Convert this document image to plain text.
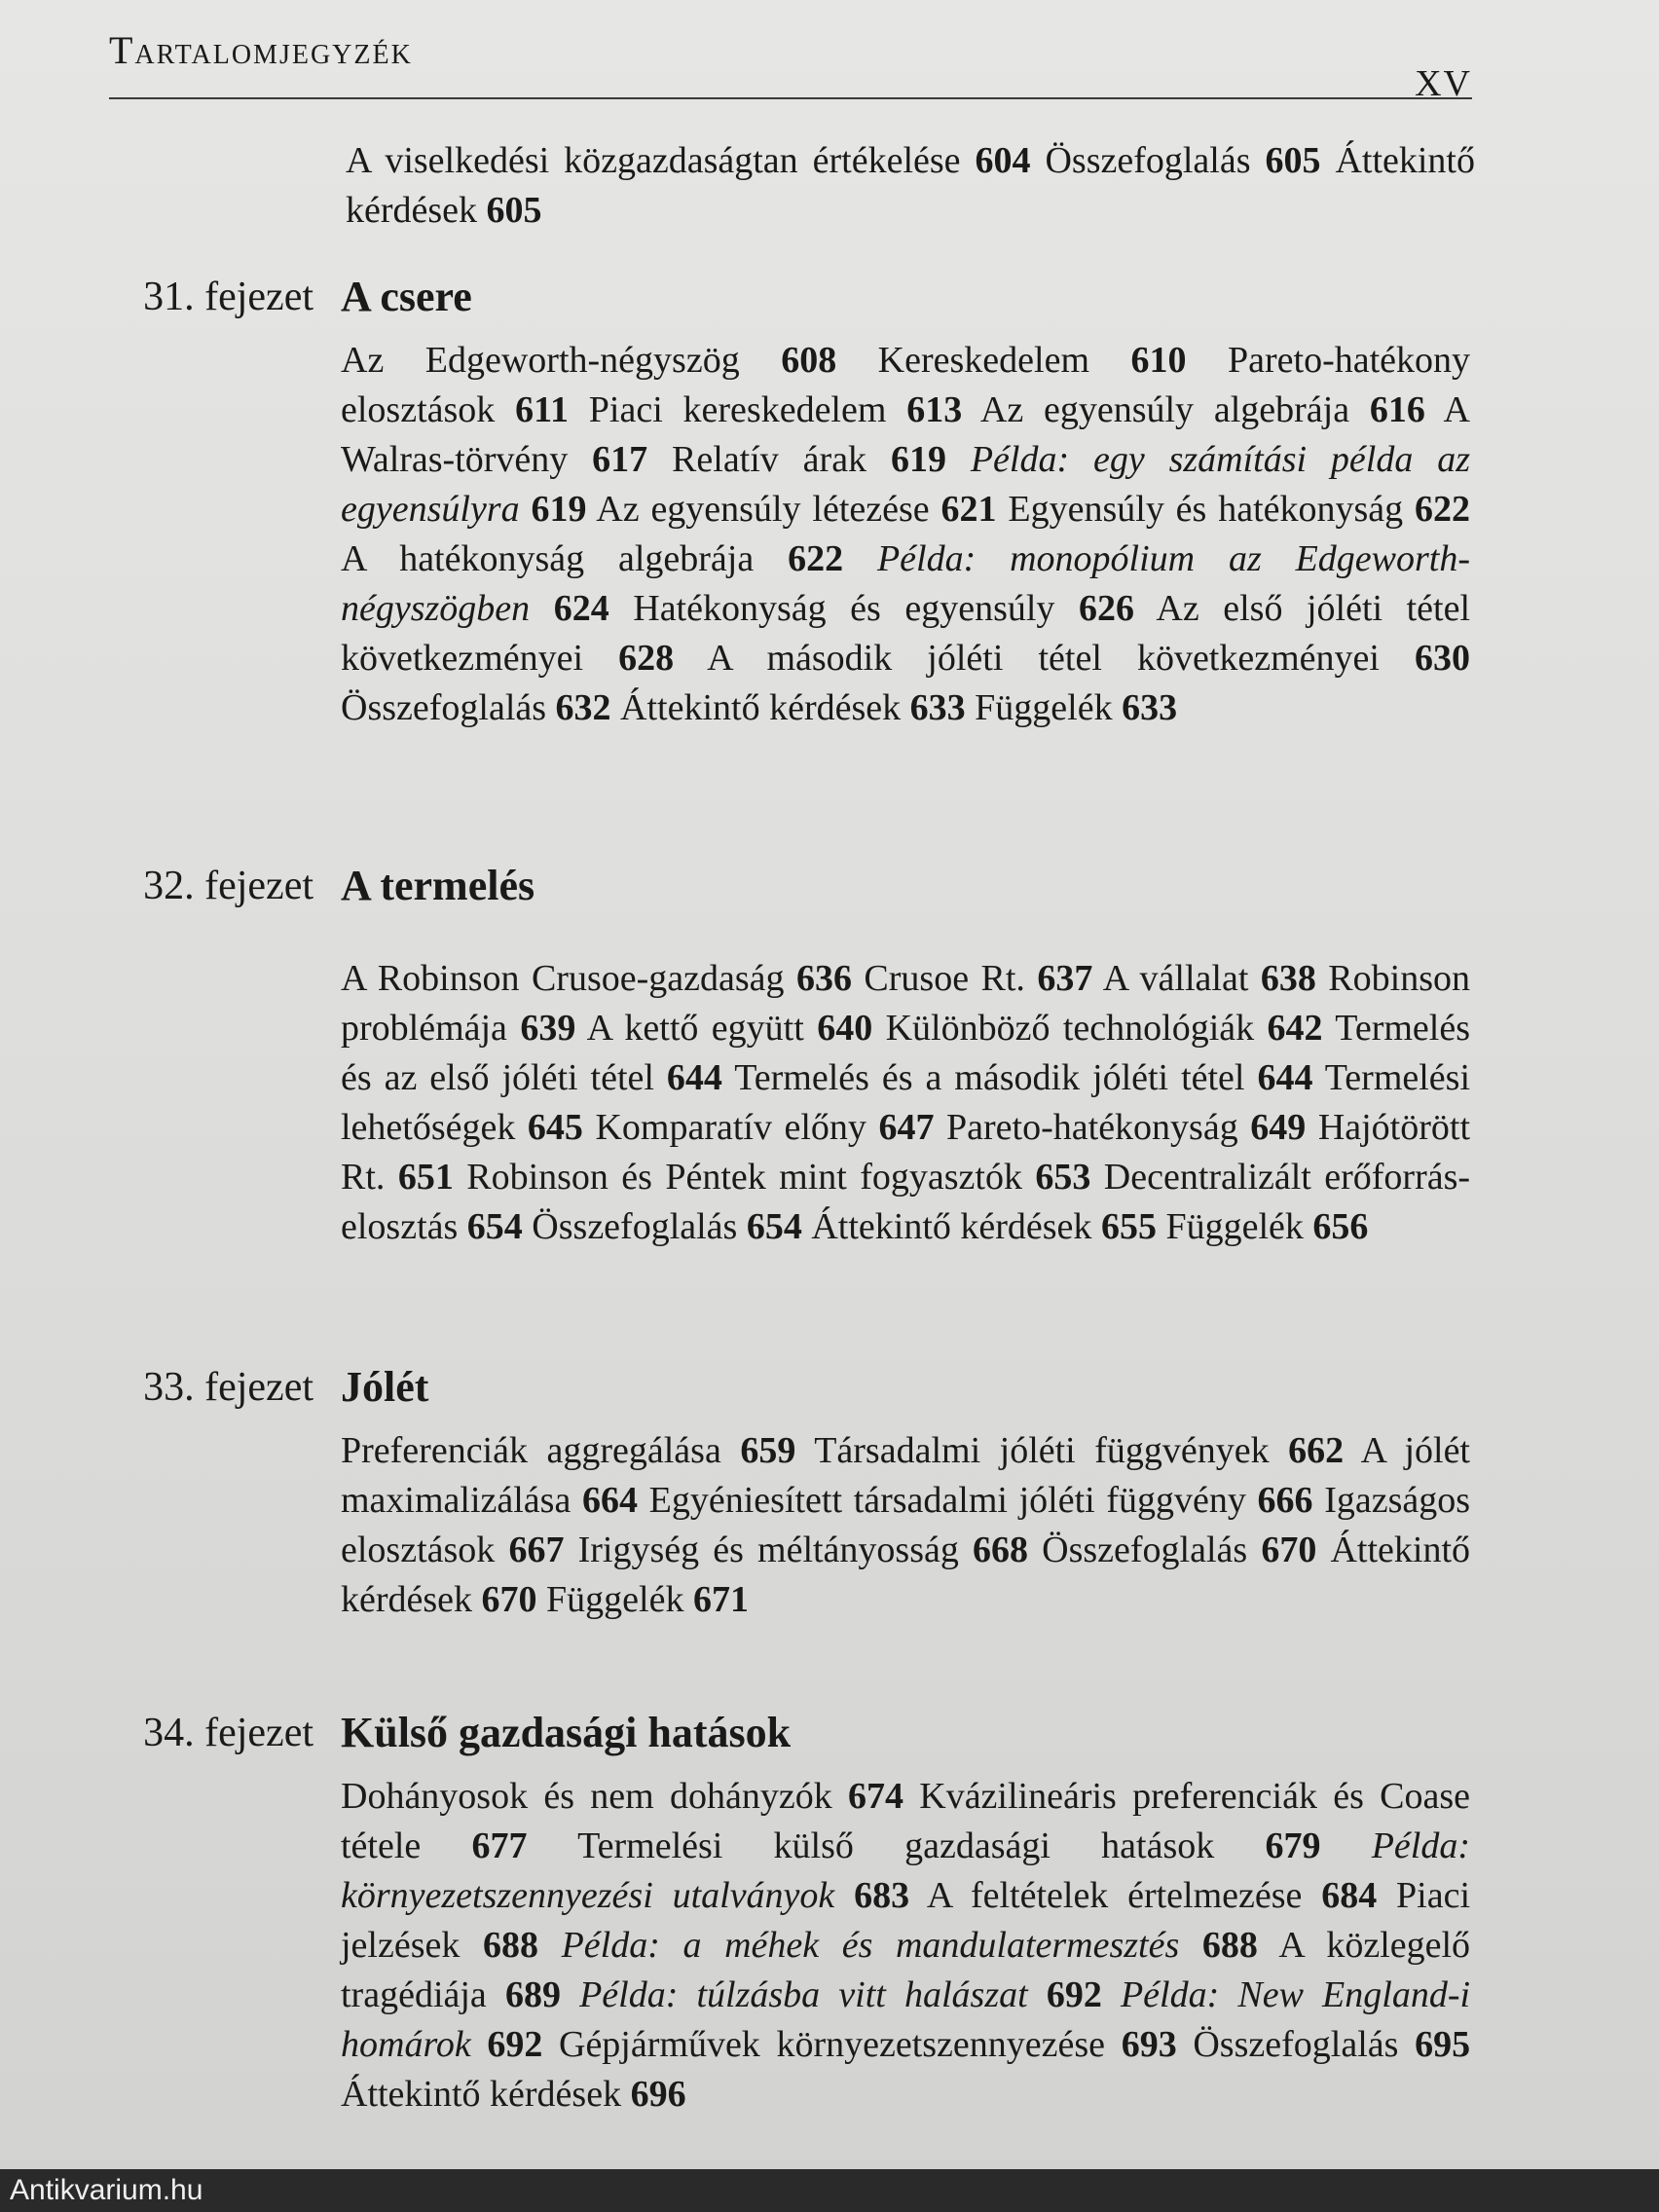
Tartalomjegyzék
XV

A viselkedési közgazdaságtan értékelése 604 Összefoglalás 605 Áttekintő kérdések 605

31. fejezet A csere

Az Edgeworth-négyszög 608 Kereskedelem 610 Pareto-hatékony elosztások 611 Piaci kereskedelem 613 Az egyensúly algebrája 616 A Walras-törvény 617 Relatív árak 619 Példa: egy számítási példa az egyensúlyra 619 Az egyensúly létezése 621 Egyensúly és hatékonyság 622 A hatékonyság algebrája 622 Példa: monopólium az Edgeworth-négyszögben 624 Hatékonyság és egyensúly 626 Az első jóléti tétel következményei 628 A második jóléti tétel következményei 630 Összefoglalás 632 Áttekintő kérdések 633 Függelék 633

32. fejezet A termelés

A Robinson Crusoe-gazdaság 636 Crusoe Rt. 637 A vállalat 638 Robinson problémája 639 A kettő együtt 640 Különböző technológiák 642 Termelés és az első jóléti tétel 644 Termelés és a második jóléti tétel 644 Termelési lehetőségek 645 Komparatív előny 647 Pareto-hatékonyság 649 Hajótörött Rt. 651 Robinson és Péntek mint fogyasztók 653 Decentralizált erőforrás-elosztás 654 Összefoglalás 654 Áttekintő kérdések 655 Függelék 656

33. fejezet Jólét

Preferenciák aggregálása 659 Társadalmi jóléti függvények 662 A jólét maximalizálása 664 Egyéniesített társadalmi jóléti függvény 666 Igazságos elosztások 667 Irigység és méltányosság 668 Összefoglalás 670 Áttekintő kérdések 670 Függelék 671

34. fejezet Külső gazdasági hatások

Dohányosok és nem dohányzók 674 Kvázilineáris preferenciák és Coase tétele 677 Termelési külső gazdasági hatások 679 Példa: környezetszennyezési utalványok 683 A feltételek értelmezése 684 Piaci jelzések 688 Példa: a méhek és mandulatermesztés 688 A közlegelő tragédiája 689 Példa: túlzásba vitt halászat 692 Példa: New England-i homárok 692 Gépjárművek környezetszennyezése 693 Összefoglalás 695 Áttekintő kérdések 696

Antikvarium.hu
